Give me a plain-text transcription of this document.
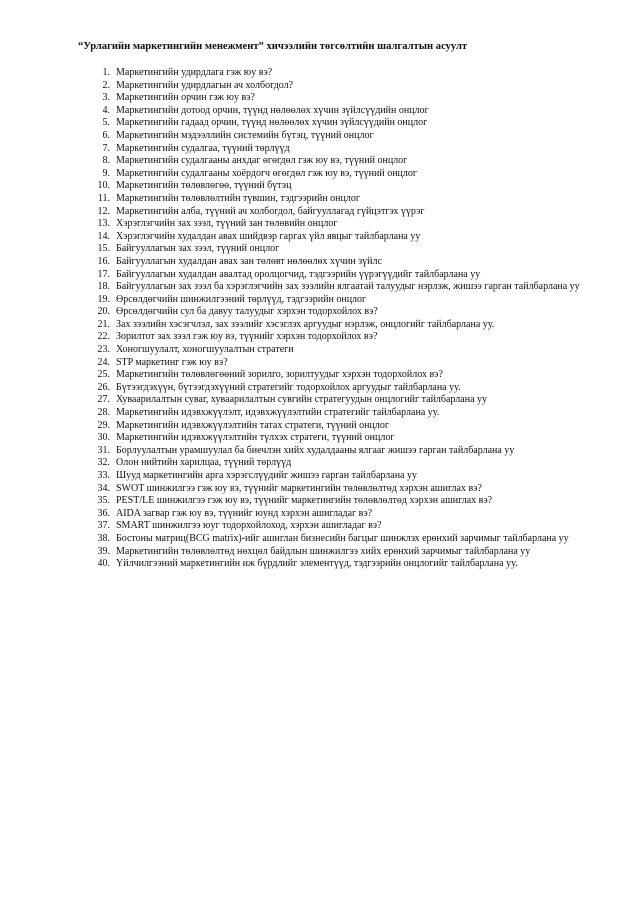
“Урлагийн маркетингийн менежмент” хичээлийн төгсөлтийн шалгалтын асуулт
1. Маркетингийн удирдлага гэж юу вэ?
2. Маркетингийн удирдлагын ач холбогдол?
3. Маркетингийн орчин гэж юу вэ?
4. Маркетингийн дотоод орчин, түүнд нөлөөлөх хүчин зүйлсүүдийн онцлог
5. Маркетингийн гадаад орчин, түүнд нөлөөлөх хүчин зүйлсүүдийн онцлог
6. Маркетингийн мэдээллийн системийн бүтэц, түүний онцлог
7. Маркетингийн судалгаа, түүний төрлүүд
8. Маркетингийн судалгааны анхдаг өгөгдөл гэж юу вэ, түүний онцлог
9. Маркетингийн судалгааны хоёрдогч өгөгдөл гэж юу вэ, түүний онцлог
10. Маркетингийн төлөвлөгөө, түүний бүтэц
11. Маркетингийн төлөвлөлтийн түвшин, тэдгээрийн онцлог
12. Маркетингийн алба, түүний ач холбогдол, байгууллагад гүйцэтгэх үүрэг
13. Хэрэглэгчийн зах зээл, түүний зан төлөвийн онцлог
14. Хэрэглэгчийн худалдан авах шийдвэр гаргах үйл явцыг тайлбарлана уу
15. Байгууллагын зах зээл, түүний онцлог
16. Байгууллагын худалдан авах зан төлөвт нөлөөлөх хүчин зүйлс
17. Байгууллагын худалдан авалтад оролцогчид, тэдгээрийн үүрэгүүдийг тайлбарлана уу
18. Байгууллагын зах зээл ба хэрэглэгчийн зах зээлийн ялгаатай талуудыг нэрлэж, жишээ гарган тайлбарлана уу
19. Өрсөлдөгчийн шинжилгээний төрлүүд, тэдгээрийн онцлог
20. Өрсөлдөгчийн сул ба давуу талуудыг хэрхэн тодорхойлох вэ?
21. Зах зээлийн хэсэгчлэл, зах зээлийг хэсэглэх аргуудыг нэрлэж, онцлогийг тайлбарлана уу.
22. Зорилтот зах зээл гэж юу вэ, түүнийг хэрхэн тодорхойлох вэ?
23. Хоногшуулалт, хоногшуулалтын стратеги
24. STP маркетинг гэж юу вэ?
25. Маркетингийн төлөвлөгөөний зорилго, зорилтуудыг хэрхэн тодорхойлох вэ?
26. Бүтээгдэхүүн, бүтээгдэхүүний стратегийг тодорхойлох аргуудыг тайлбарлана уу.
27. Хуваарилалтын суваг, хуваарилалтын сувгийн стратегуудын онцлогийг тайлбарлана уу
28. Маркетингийн идэвхжүүлэлт, идэвхжүүлэлтийн стратегийг тайлбарлана уу.
29. Маркетингийн идэвхжүүлэлтийн татах стратеги, түүний онцлог
30. Маркетингийн идэвхжүүлэлтийн түлхэх стратеги, түүний онцлог
31. Борлуулалтын урамшуулал ба биечлэн хийх худалдааны ялгааг жишээ гарган тайлбарлана уу
32. Олон нийтийн харилцаа, түүний төрлүүд
33. Шууд маркетингийн арга хэрэгслүүдийг жишээ гарган тайлбарлана уу
34. SWOT шинжилгээ гэж юу вэ, түүнийг маркетингийн төлөвлөлтөд хэрхэн ашиглах вэ?
35. PEST/LE шинжилгээ гэж юу вэ, түүнийг маркетингийн төлөвлөлтөд хэрхэн ашиглах вэ?
36. AIDA загвар гэж юу вэ, түүнийг юунд хэрхэн ашигладаг вэ?
37. SMART шинжилгээ юуг тодорхойлоход, хэрхэн ашигладаг вэ?
38. Бостоны матриц(BCG matrix)-ийг ашиглан бизнесийн багцыг шинжлэх ерөнхий зарчимыг тайлбарлана уу
39. Маркетингийн төлөвлөлтөд нөхцөл байдлын шинжилгээ хийх ерөнхий зарчимыг тайлбарлана уу
40. Үйлчилгээний маркетингийн иж бүрдлийг элементүүд, тэдгээрийн онцлогийг тайлбарлана уу.
